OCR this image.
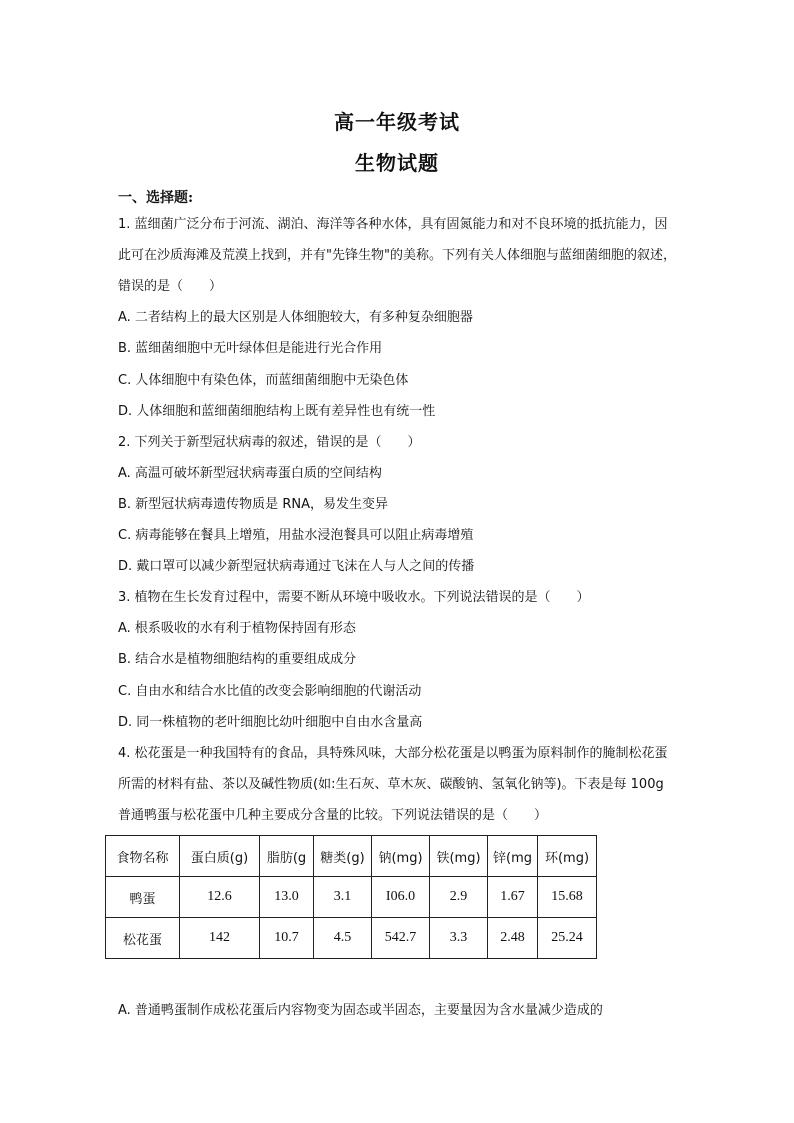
高一年级考试
生物试题
一、选择题:
1. 蓝细菌广泛分布于河流、湖泊、海洋等各种水体，具有固氮能力和对不良环境的抵抗能力，因
此可在沙质海滩及荒漠上找到，并有"先锋生物"的美称。下列有关人体细胞与蓝细菌细胞的叙述，
错误的是（　　）
A. 二者结构上的最大区别是人体细胞较大，有多种复杂细胞器
B. 蓝细菌细胞中无叶绿体但是能进行光合作用
C. 人体细胞中有染色体，而蓝细菌细胞中无染色体
D. 人体细胞和蓝细菌细胞结构上既有差异性也有统一性
2. 下列关于新型冠状病毒的叙述，错误的是（　　）
A. 高温可破坏新型冠状病毒蛋白质的空间结构
B. 新型冠状病毒遗传物质是 RNA，易发生变异
C. 病毒能够在餐具上增殖，用盐水浸泡餐具可以阻止病毒增殖
D. 戴口罩可以减少新型冠状病毒通过飞沫在人与人之间的传播
3. 植物在生长发育过程中，需要不断从环境中吸收水。下列说法错误的是（　　）
A. 根系吸收的水有利于植物保持固有形态
B. 结合水是植物细胞结构的重要组成成分
C. 自由水和结合水比值的改变会影响细胞的代谢活动
D. 同一株植物的老叶细胞比幼叶细胞中自由水含量高
4. 松花蛋是一种我国特有的食品，具特殊风味，大部分松花蛋是以鸭蛋为原料制作的腌制松花蛋
所需的材料有盐、茶以及碱性物质(如:生石灰、草木灰、碳酸钠、氢氧化钠等)。下表是每 100g
普通鸭蛋与松花蛋中几种主要成分含量的比较。下列说法错误的是（　　）
食物名称	蛋白质(g)	脂肪(g	糖类(g)	钠(mg)	铁(mg)	锌(mg	环(mg)
鸭蛋	12.6	13.0	3.1	I06.0	2.9	1.67	15.68
松花蛋	142	10.7	4.5	542.7	3.3	2.48	25.24
A. 普通鸭蛋制作成松花蛋后内容物变为固态或半固态，主要量因为含水量减少造成的
